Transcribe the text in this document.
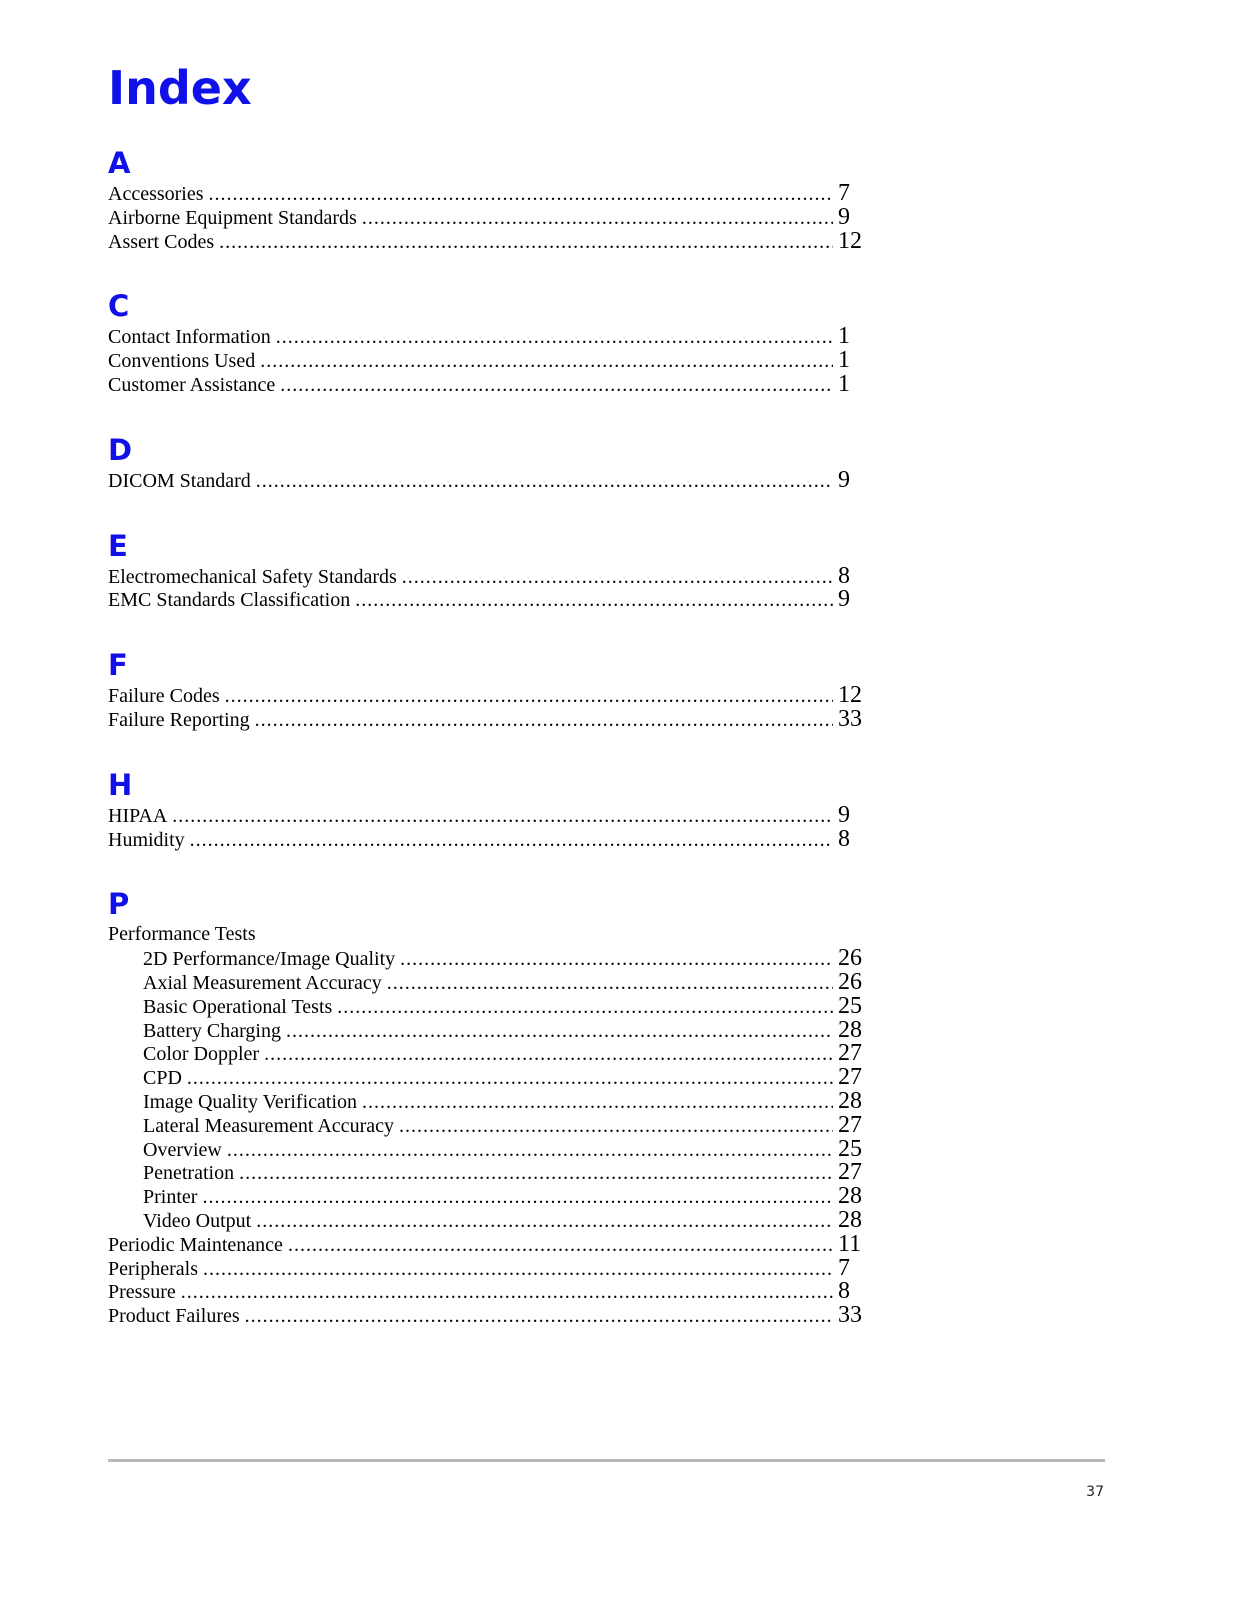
Index
A
Accessories .....	7
Airborne Equipment Standards .....	9
Assert Codes .....	12
C
Contact Information .....	1
Conventions Used .....	1
Customer Assistance .....	1
D
DICOM Standard .....	9
E
Electromechanical Safety Standards .....	8
EMC Standards Classification .....	9
F
Failure Codes .....	12
Failure Reporting .....	33
H
HIPAA .....	9
Humidity .....	8
P
Performance Tests
2D Performance/Image Quality .....	26
Axial Measurement Accuracy .....	26
Basic Operational Tests .....	25
Battery Charging .....	28
Color Doppler .....	27
CPD .....	27
Image Quality Verification .....	28
Lateral Measurement Accuracy .....	27
Overview .....	25
Penetration .....	27
Printer .....	28
Video Output .....	28
Periodic Maintenance .....	11
Peripherals .....	7
Pressure .....	8
Product Failures .....	33
37
